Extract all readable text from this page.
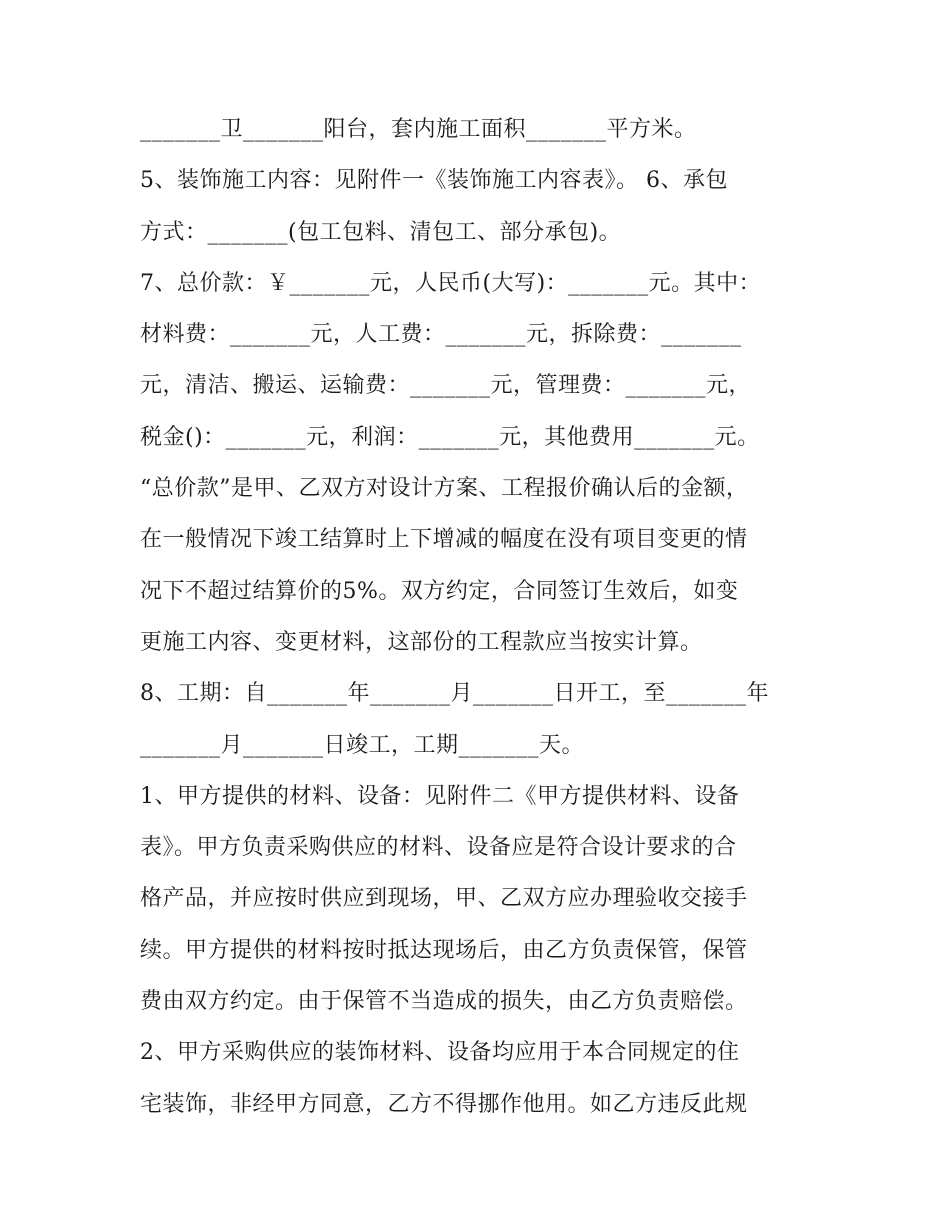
_______卫_______阳台，套内施工面积_______平方米。
5、装饰施工内容：见附件一《装饰施工内容表》。 6、承包
方式：_______(包工包料、清包工、部分承包)。
7、总价款：￥_______元，人民币(大写)：_______元。其中：
材料费：_______元，人工费：_______元，拆除费：_______
元，清洁、搬运、运输费：_______元，管理费：_______元，
税金()：_______元，利润：_______元，其他费用_______元。
“总价款”是甲、乙双方对设计方案、工程报价确认后的金额，
在一般情况下竣工结算时上下增减的幅度在没有项目变更的情
况下不超过结算价的5%。双方约定，合同签订生效后，如变
更施工内容、变更材料，这部份的工程款应当按实计算。
8、工期：自_______年_______月_______日开工，至_______年
_______月_______日竣工，工期_______天。
1、甲方提供的材料、设备：见附件二《甲方提供材料、设备
表》。甲方负责采购供应的材料、设备应是符合设计要求的合
格产品，并应按时供应到现场，甲、乙双方应办理验收交接手
续。甲方提供的材料按时抵达现场后，由乙方负责保管，保管
费由双方约定。由于保管不当造成的损失，由乙方负责赔偿。
2、甲方采购供应的装饰材料、设备均应用于本合同规定的住
宅装饰，非经甲方同意，乙方不得挪作他用。如乙方违反此规
